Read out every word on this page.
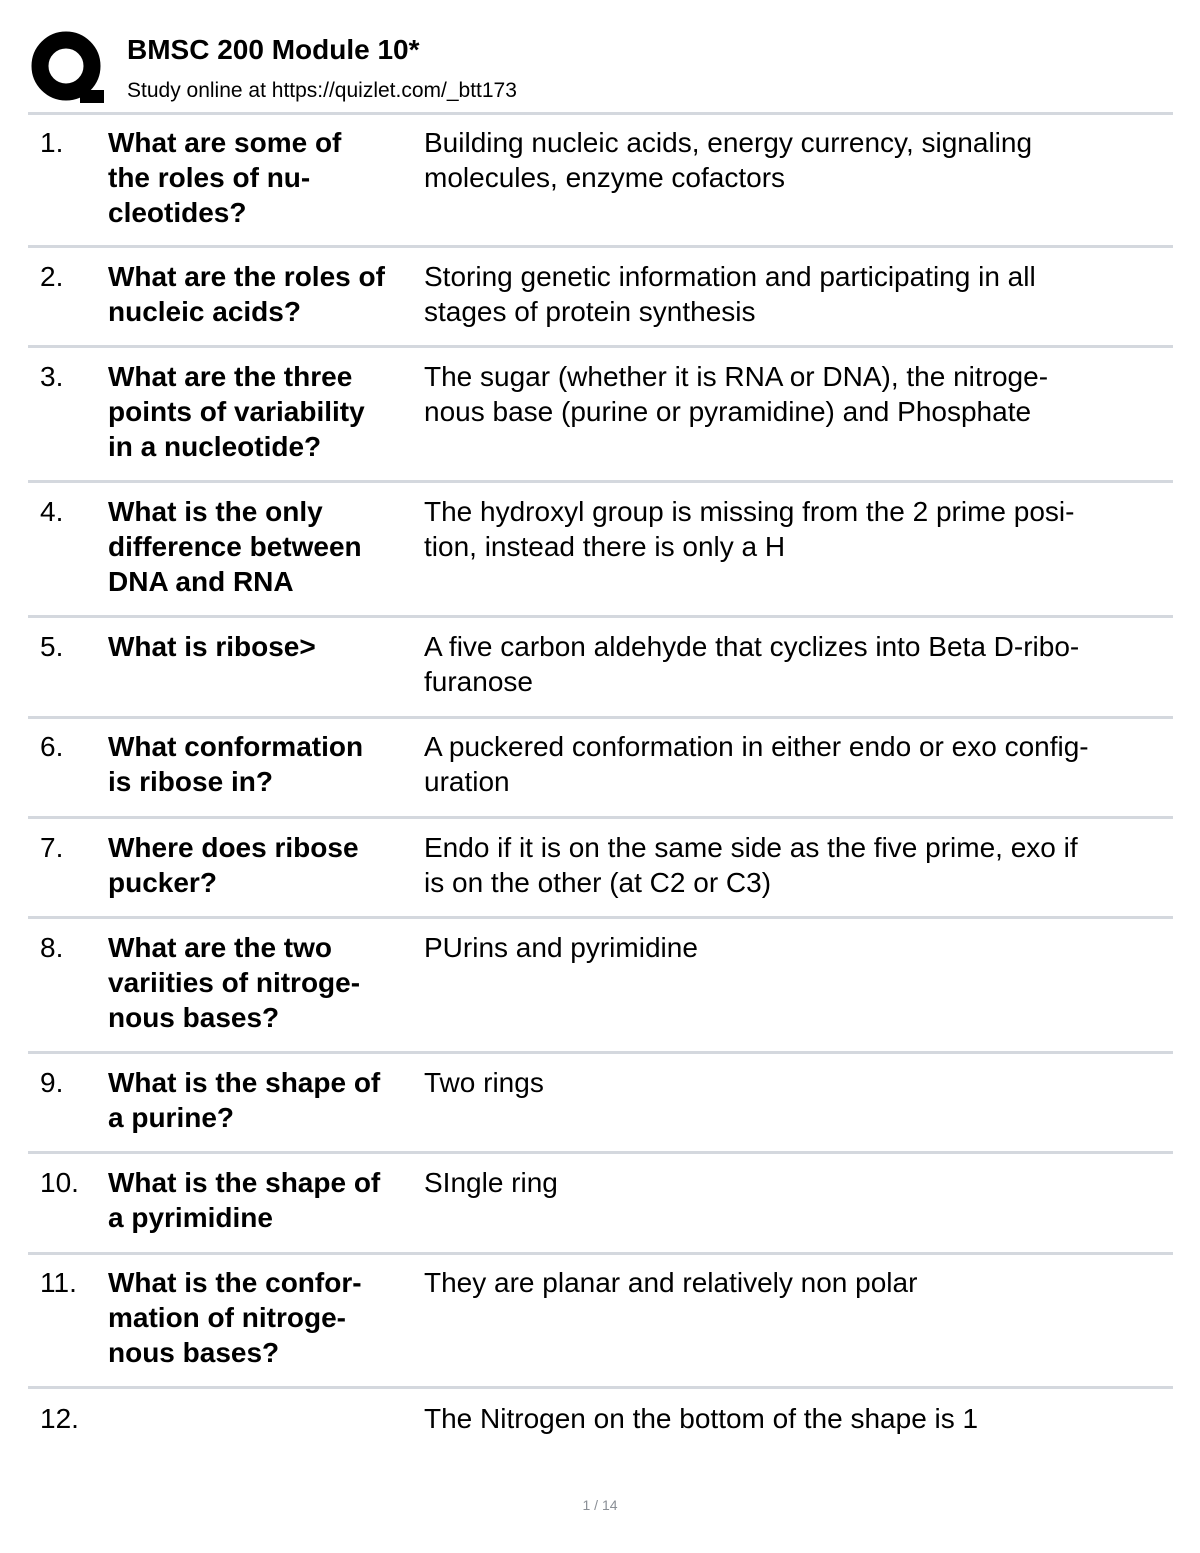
BMSC 200 Module 10*
Study online at https://quizlet.com/_btt173
1. What are some of
the roles of nu-
cleotides?
Building nucleic acids, energy currency, signaling
molecules, enzyme cofactors
2. What are the roles of
nucleic acids?
Storing genetic information and participating in all
stages of protein synthesis
3. What are the three
points of variability
in a nucleotide?
The sugar (whether it is RNA or DNA), the nitroge-
nous base (purine or pyramidine) and Phosphate
4. What is the only
difference between
DNA and RNA
The hydroxyl group is missing from the 2 prime posi-
tion, instead there is only a H
5. What is ribose>	A five carbon aldehyde that cyclizes into Beta D-ribo-
furanose
6. What conformation
is ribose in?
A puckered conformation in either endo or exo config-
uration
7. Where does ribose
pucker?
Endo if it is on the same side as the five prime, exo if
is on the other (at C2 or C3)
8. What are the two
variities of nitroge-
nous bases?
PUrins and pyrimidine
9. What is the shape of
a purine?
Two rings
10. What is the shape of
a pyrimidine
SIngle ring
11. What is the confor-
mation of nitroge-
nous bases?
They are planar and relatively non polar
12.	The Nitrogen on the bottom of the shape is 1
1 / 14
